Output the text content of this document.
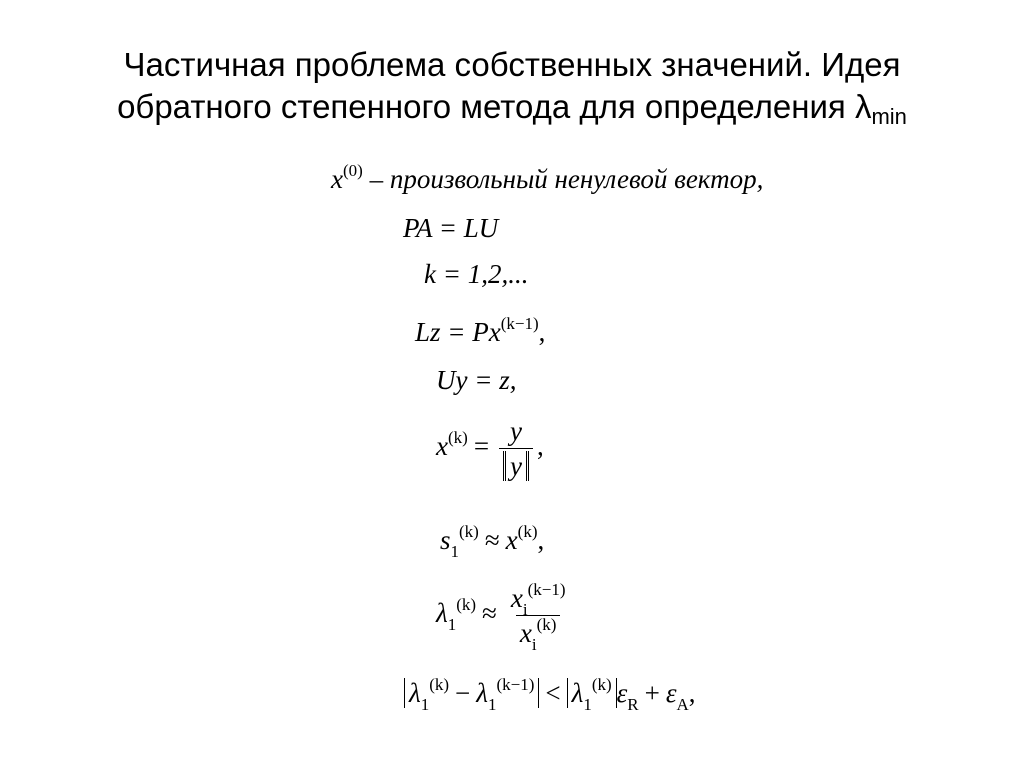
Частичная проблема собственных значений. Идея
обратного степенного метода для определения $\lambda_{min}$
$x^{(0)}$ – произвольный ненулевой вектор,
PA = LU
k = 1,2,...
$Lz = Px^{(k-1)}$,
Uy = z,
$x^{(k)} = \frac{y}{y}$ ,
$s_1^{(k)} \approx x^{(k)}$,
$\lambda_1^{(k)} \approx \frac{x_i^{(k-1)}}{x_i^{(k)}}$
$\lambda_1^{(k)} - \lambda_1^{(k-1)} < \lambda_1^{(k)}$ $\varepsilon_R + \varepsilon_A$,
